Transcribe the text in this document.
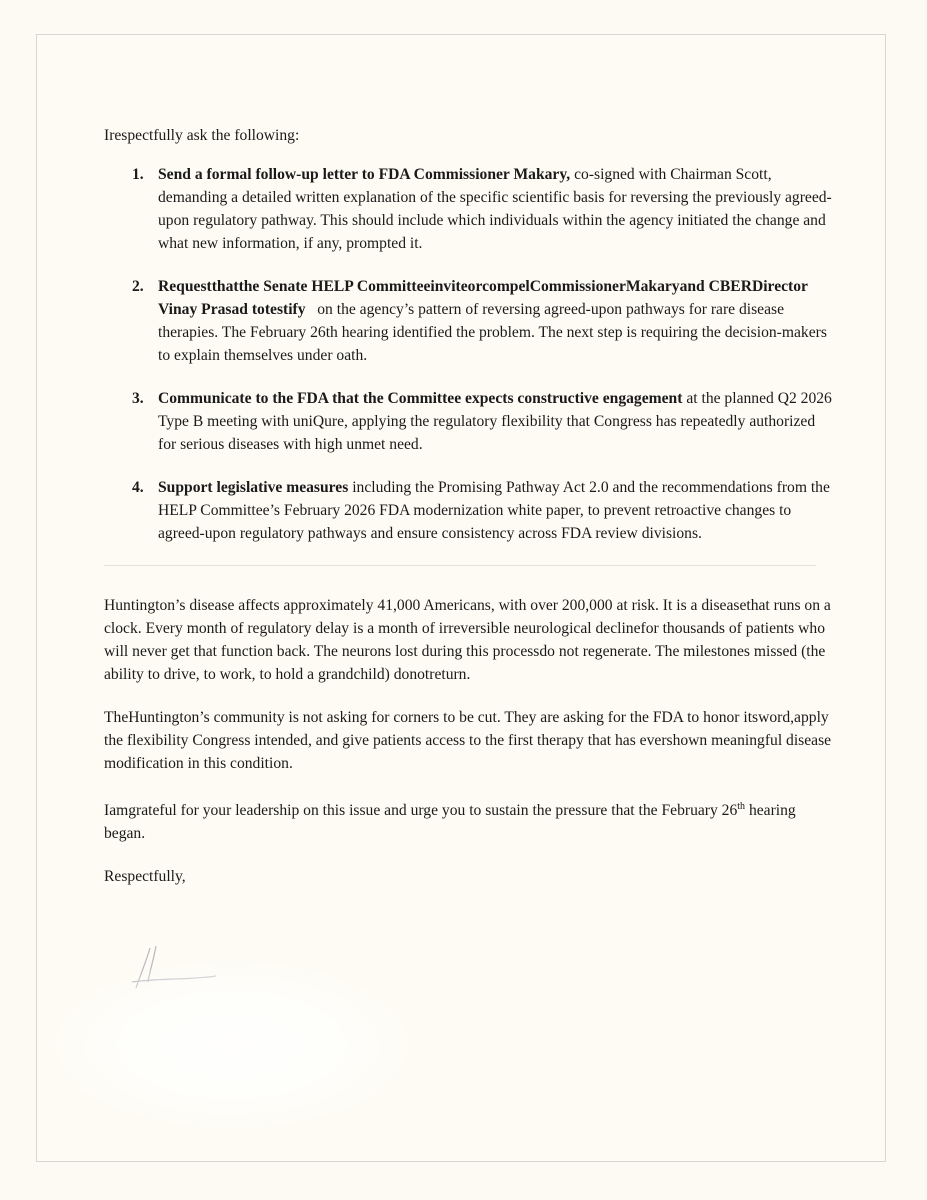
Irespectfully ask the following:

1. Send a formal follow-up letter to FDA Commissioner Makary, co-signed with Chairman Scott, demanding a detailed written explanation of the specific scientific basis for reversing the previously agreed-upon regulatory pathway. This should include which individuals within the agency initiated the change and what new information, if any, prompted it.
2. Requestthatthe Senate HELP CommitteeinviteorcompelCommissionerMakaryand CBERDirector Vinay Prasad totestify   on the agency’s pattern of reversing agreed-upon pathways for rare disease therapies. The February 26th hearing identified the problem. The next step is requiring the decision-makers to explain themselves under oath.
3. Communicate to the FDA that the Committee expects constructive engagement at the planned Q2 2026 Type B meeting with uniQure, applying the regulatory flexibility that Congress has repeatedly authorized for serious diseases with high unmet need.
4. Support legislative measures including the Promising Pathway Act 2.0 and the recommendations from the HELP Committee’s February 2026 FDA modernization white paper, to prevent retroactive changes to agreed-upon regulatory pathways and ensure consistency across FDA review divisions.

Huntington’s disease affects approximately 41,000 Americans, with over 200,000 at risk. It is a diseasethat runs on a clock. Every month of regulatory delay is a month of irreversible neurological declinefor thousands of patients who will never get that function back. The neurons lost during this processdo not regenerate. The milestones missed (the ability to drive, to work, to hold a grandchild) donotreturn.

TheHuntington’s community is not asking for corners to be cut. They are asking for the FDA to honor itsword,apply the flexibility Congress intended, and give patients access to the first therapy that has evershown meaningful disease modification in this condition.

Iamgrateful for your leadership on this issue and urge you to sustain the pressure that the February 26th hearing began.

Respectfully,
